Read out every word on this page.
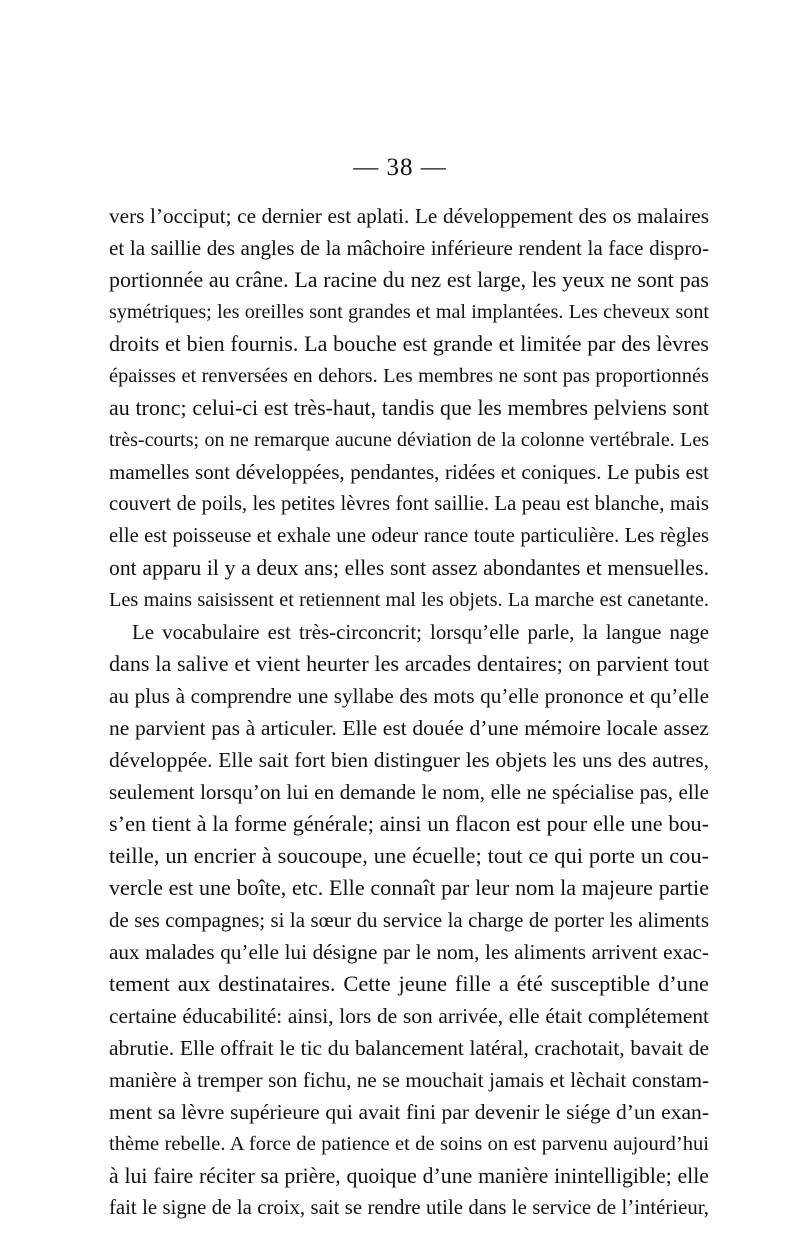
— 38 —
vers l’occiput; ce dernier est aplati. Le développement des os malaires
et la saillie des angles de la mâchoire inférieure rendent la face dispro-
portionnée au crâne. La racine du nez est large, les yeux ne sont pas
symétriques; les oreilles sont grandes et mal implantées. Les cheveux sont
droits et bien fournis. La bouche est grande et limitée par des lèvres
épaisses et renversées en dehors. Les membres ne sont pas proportionnés
au tronc; celui-ci est très-haut, tandis que les membres pelviens sont
très-courts; on ne remarque aucune déviation de la colonne vertébrale. Les
mamelles sont développées, pendantes, ridées et coniques. Le pubis est
couvert de poils, les petites lèvres font saillie. La peau est blanche, mais
elle est poisseuse et exhale une odeur rance toute particulière. Les règles
ont apparu il y a deux ans; elles sont assez abondantes et mensuelles.
Les mains saisissent et retiennent mal les objets. La marche est canetante.
Le vocabulaire est très-circoncrit; lorsqu’elle parle, la langue nage
dans la salive et vient heurter les arcades dentaires; on parvient tout
au plus à comprendre une syllabe des mots qu’elle prononce et qu’elle
ne parvient pas à articuler. Elle est douée d’une mémoire locale assez
développée. Elle sait fort bien distinguer les objets les uns des autres,
seulement lorsqu’on lui en demande le nom, elle ne spécialise pas, elle
s’en tient à la forme générale; ainsi un flacon est pour elle une bou-
teille, un encrier à soucoupe, une écuelle; tout ce qui porte un cou-
vercle est une boîte, etc. Elle connaît par leur nom la majeure partie
de ses compagnes; si la sœur du service la charge de porter les aliments
aux malades qu’elle lui désigne par le nom, les aliments arrivent exac-
tement aux destinataires. Cette jeune fille a été susceptible d’une
certaine éducabilité: ainsi, lors de son arrivée, elle était complétement
abrutie. Elle offrait le tic du balancement latéral, crachotait, bavait de
manière à tremper son fichu, ne se mouchait jamais et lèchait constam-
ment sa lèvre supérieure qui avait fini par devenir le siége d’un exan-
thème rebelle. A force de patience et de soins on est parvenu aujourd’hui
à lui faire réciter sa prière, quoique d’une manière inintelligible; elle
fait le signe de la croix, sait se rendre utile dans le service de l’intérieur,
